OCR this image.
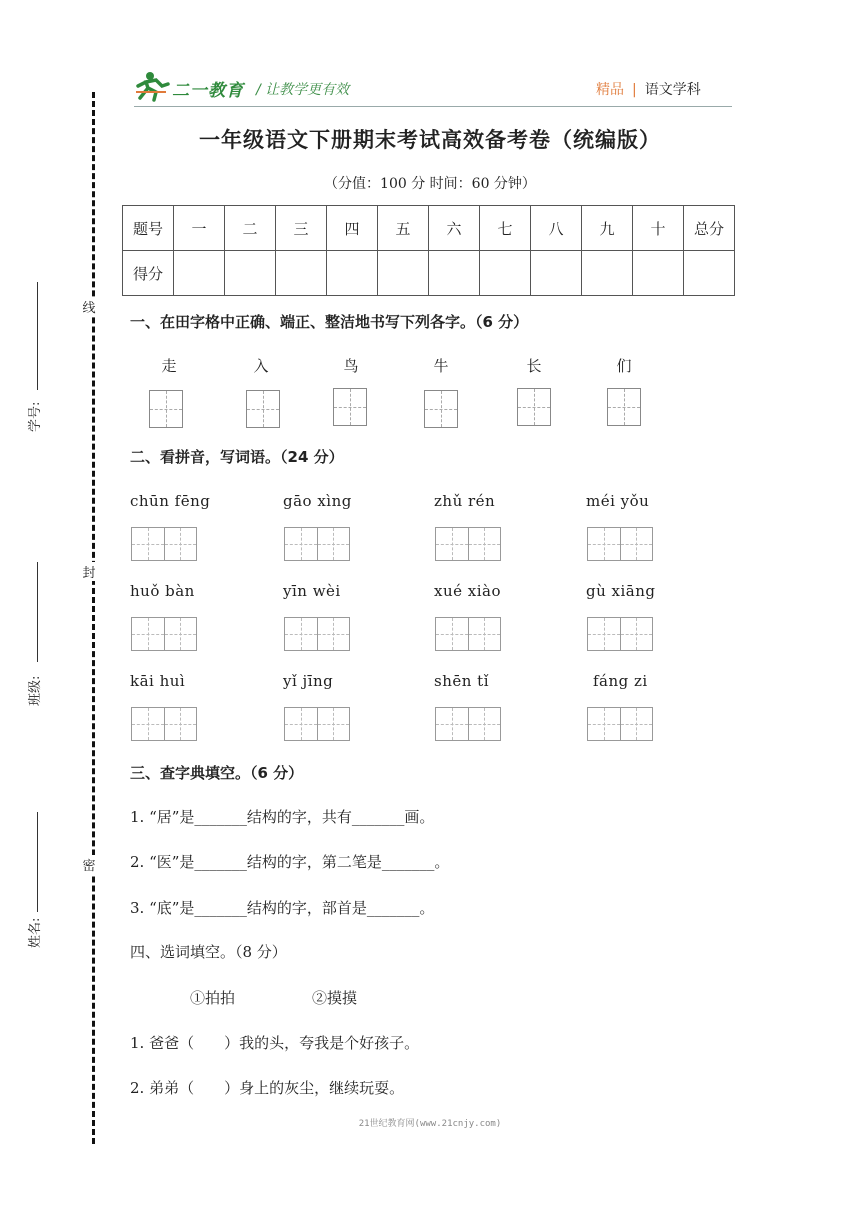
二一教育 / 让教学更有效	精品 | 语文学科
一年级语文下册期末考试高效备考卷（统编版）
（分值：100 分 时间：60 分钟）
题号	一	二	三	四	五	六	七	八	九	十	总分
得分											
线
封
密
学号:
班级:
姓名:
一、在田字格中正确、端正、整洁地书写下列各字。（6 分）
走	入	鸟	牛	长	们
二、看拼音，写词语。（24 分）
chūn fēng	gāo xìng	zhǔ rén	méi yǒu
huǒ bàn	yīn wèi	xué xiào	gù xiāng
kāi huì	yǐ jīng	shēn tǐ	fáng zi
三、查字典填空。（6 分）
1. “居”是_______结构的字，共有_______画。
2. “医”是_______结构的字，第二笔是_______。
3. “底”是_______结构的字，部首是_______。
四、选词填空。（8 分）
①拍拍	②摸摸
1. 爸爸（　　）我的头，夸我是个好孩子。
2. 弟弟（　　）身上的灰尘，继续玩耍。
21世纪教育网(www.21cnjy.com)
